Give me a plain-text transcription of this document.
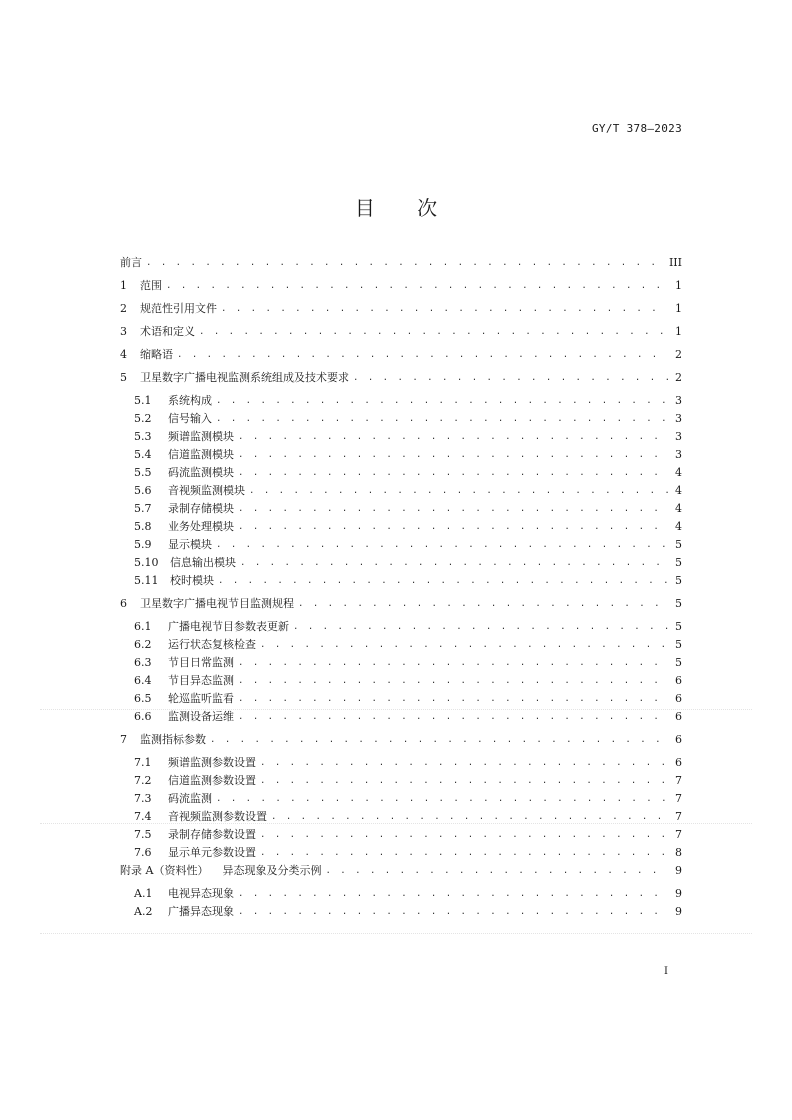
GY/T 378—2023
目 次
前言 . . .	III
1	范围 . . .	1
2	规范性引用文件 . . .	1
3	术语和定义 . . .	1
4	缩略语 . . .	2
5	卫星数字广播电视监测系统组成及技术要求 . . .	2
5.1	系统构成 . . .	3
5.2	信号输入 . . .	3
5.3	频谱监测模块 . . .	3
5.4	信道监测模块 . . .	3
5.5	码流监测模块 . . .	4
5.6	音视频监测模块 . . .	4
5.7	录制存储模块 . . .	4
5.8	业务处理模块 . . .	4
5.9	显示模块 . . .	5
5.10	信息输出模块 . . .	5
5.11	校时模块 . . .	5
6	卫星数字广播电视节目监测规程 . . .	5
6.1	广播电视节目参数表更新 . . .	5
6.2	运行状态复核检查 . . .	5
6.3	节目日常监测 . . .	5
6.4	节目异态监测 . . .	6
6.5	轮巡监听监看 . . .	6
6.6	监测设备运维 . . .	6
7	监测指标参数 . . .	6
7.1	频谱监测参数设置 . . .	6
7.2	信道监测参数设置 . . .	7
7.3	码流监测 . . .	7
7.4	音视频监测参数设置 . . .	7
7.5	录制存储参数设置 . . .	7
7.6	显示单元参数设置 . . .	8
附录 A（资料性） 异态现象及分类示例 . . .	9
A.1	电视异态现象 . . .	9
A.2	广播异态现象 . . .	9
I
